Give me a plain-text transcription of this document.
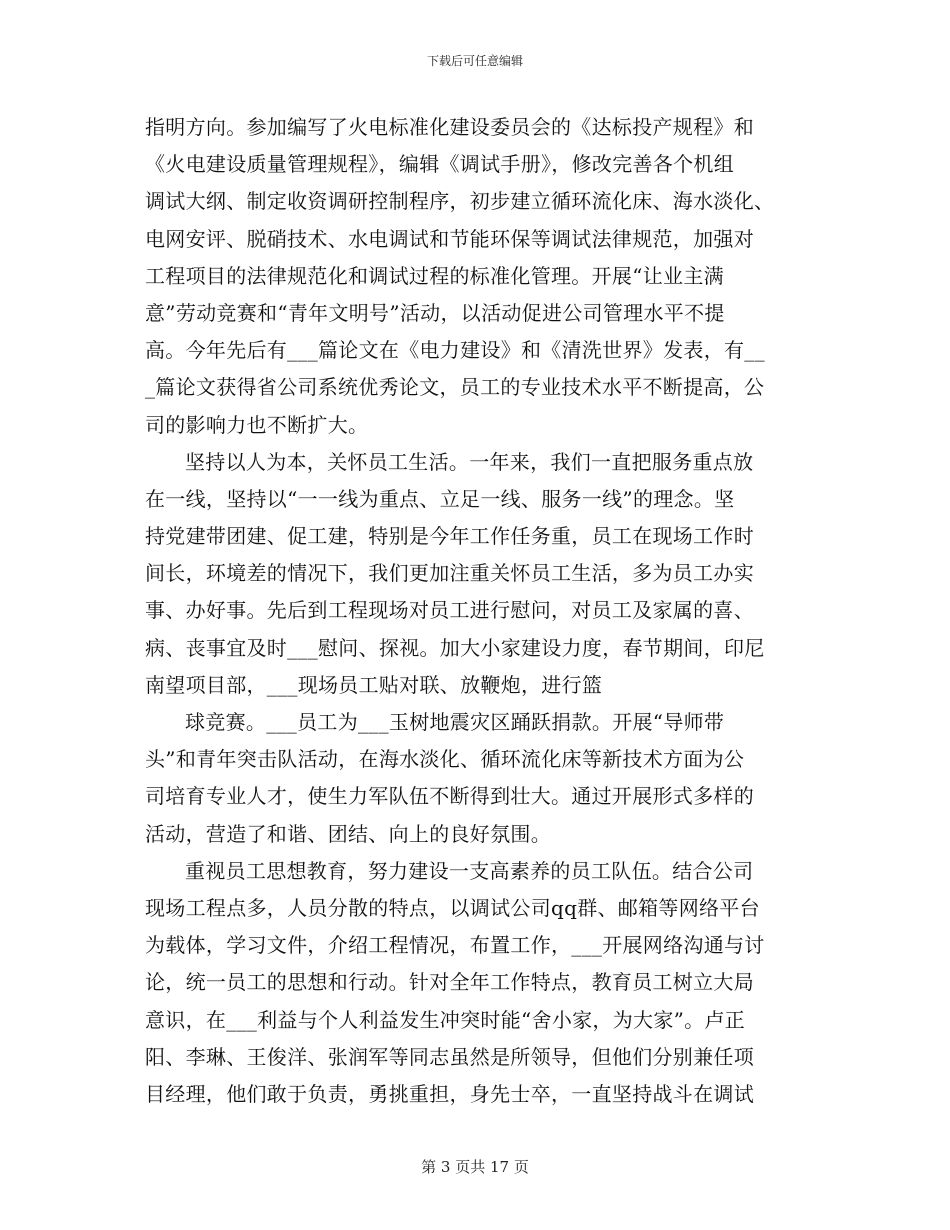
下载后可任意编辑
指明方向。参加编写了火电标准化建设委员会的《达标投产规程》和
《火电建设质量管理规程》，编辑《调试手册》，修改完善各个机组
调试大纲、制定收资调研控制程序，初步建立循环流化床、海水淡化、
电网安评、脱硝技术、水电调试和节能环保等调试法律规范，加强对
工程项目的法律规范化和调试过程的标准化管理。开展“让业主满
意”劳动竞赛和“青年文明号”活动，以活动促进公司管理水平不提
高。今年先后有___篇论文在《电力建设》和《清洗世界》发表，有__
_篇论文获得省公司系统优秀论文，员工的专业技术水平不断提高，公
司的影响力也不断扩大。
坚持以人为本，关怀员工生活。一年来，我们一直把服务重点放
在一线，坚持以“一一线为重点、立足一线、服务一线”的理念。坚
持党建带团建、促工建，特别是今年工作任务重，员工在现场工作时
间长，环境差的情况下，我们更加注重关怀员工生活，多为员工办实
事、办好事。先后到工程现场对员工进行慰问，对员工及家属的喜、
病、丧事宜及时___慰问、探视。加大小家建设力度，春节期间，印尼
南望项目部，___现场员工贴对联、放鞭炮，进行篮
球竞赛。___员工为___玉树地震灾区踊跃捐款。开展“导师带
头”和青年突击队活动，在海水淡化、循环流化床等新技术方面为公
司培育专业人才，使生力军队伍不断得到壮大。通过开展形式多样的
活动，营造了和谐、团结、向上的良好氛围。
重视员工思想教育，努力建设一支高素养的员工队伍。结合公司
现场工程点多，人员分散的特点，以调试公司qq群、邮箱等网络平台
为载体，学习文件，介绍工程情况，布置工作，___开展网络沟通与讨
论，统一员工的思想和行动。针对全年工作特点，教育员工树立大局
意识，在___利益与个人利益发生冲突时能“舍小家，为大家”。卢正
阳、李琳、王俊洋、张润军等同志虽然是所领导，但他们分别兼任项
目经理，他们敢于负责，勇挑重担，身先士卒，一直坚持战斗在调试
第 3 页共 17 页
